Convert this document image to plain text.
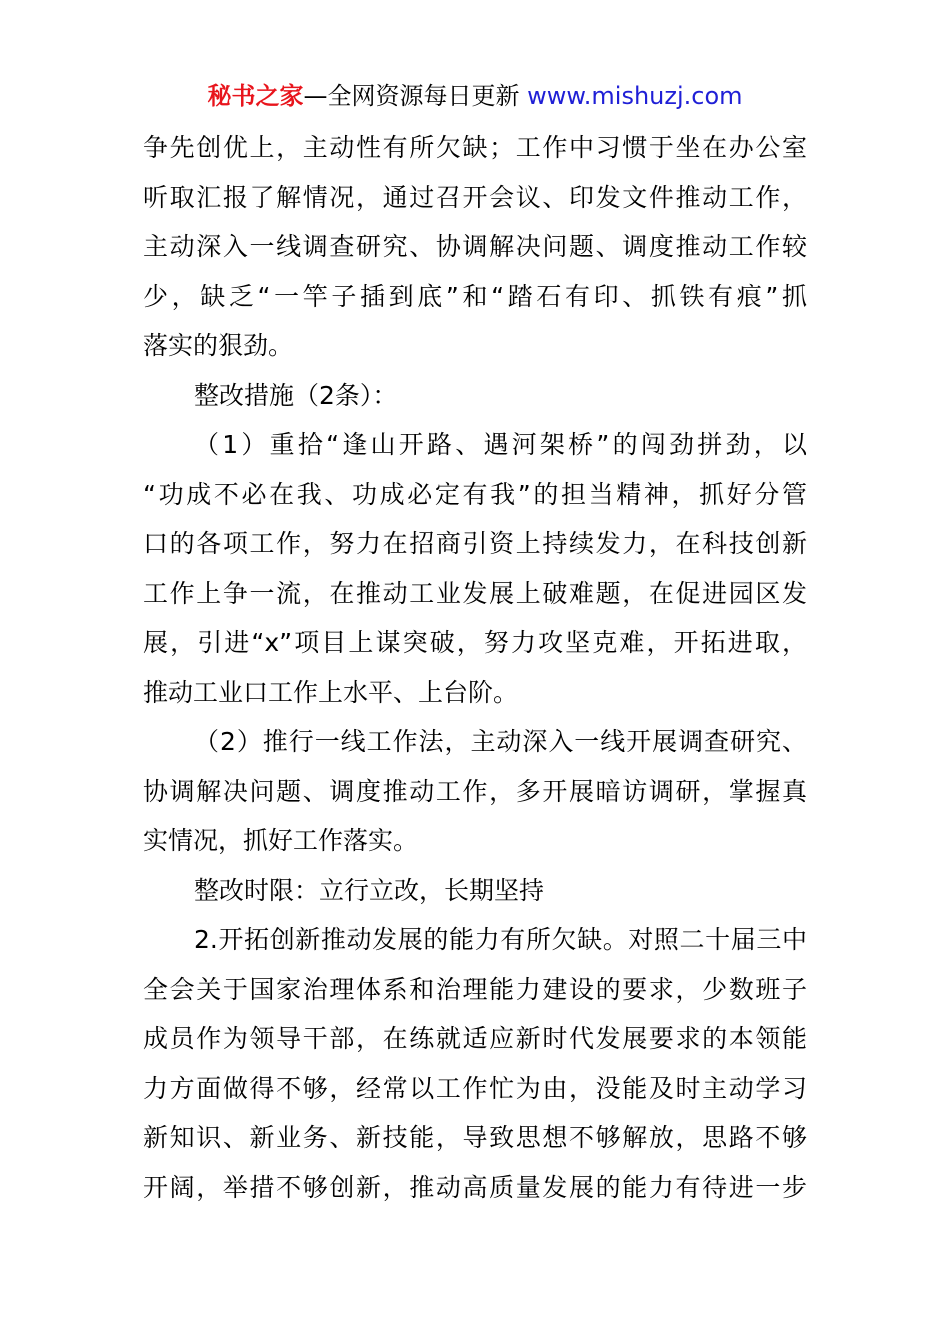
秘书之家—全网资源每日更新 www.mishuzj.com
争先创优上，主动性有所欠缺；工作中习惯于坐在办公室
听取汇报了解情况，通过召开会议、印发文件推动工作，
主动深入一线调查研究、协调解决问题、调度推动工作较
少，缺乏“一竿子插到底”和“踏石有印、抓铁有痕”抓
落实的狠劲。
整改措施（2条）：
（1）重拾“逢山开路、遇河架桥”的闯劲拼劲，以
“功成不必在我、功成必定有我”的担当精神，抓好分管
口的各项工作，努力在招商引资上持续发力，在科技创新
工作上争一流，在推动工业发展上破难题，在促进园区发
展，引进“x”项目上谋突破，努力攻坚克难，开拓进取，
推动工业口工作上水平、上台阶。
（2）推行一线工作法，主动深入一线开展调查研究、
协调解决问题、调度推动工作，多开展暗访调研，掌握真
实情况，抓好工作落实。
整改时限：立行立改，长期坚持
2.开拓创新推动发展的能力有所欠缺。对照二十届三中
全会关于国家治理体系和治理能力建设的要求，少数班子
成员作为领导干部，在练就适应新时代发展要求的本领能
力方面做得不够，经常以工作忙为由，没能及时主动学习
新知识、新业务、新技能，导致思想不够解放，思路不够
开阔，举措不够创新，推动高质量发展的能力有待进一步
